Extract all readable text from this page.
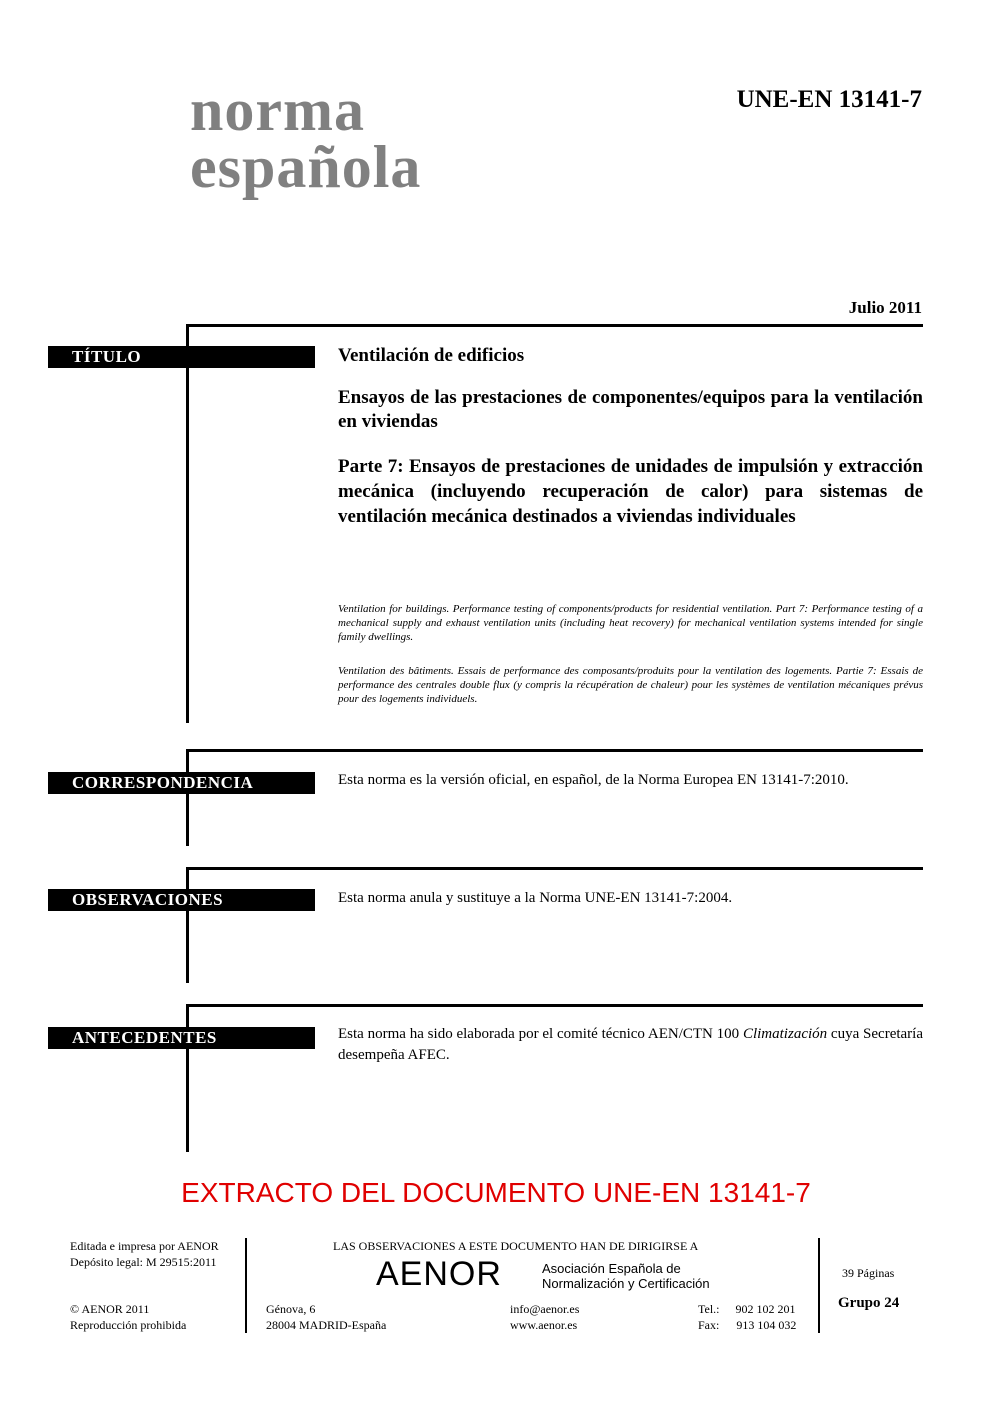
norma
española
UNE-EN 13141-7
Julio 2011
TÍTULO	Ventilación de edificios
Ensayos de las prestaciones de componentes/equipos para la ventilación en viviendas
Parte 7: Ensayos de prestaciones de unidades de impulsión y extracción mecánica (incluyendo recuperación de calor) para sistemas de ventilación mecánica destinados a viviendas individuales
Ventilation for buildings. Performance testing of components/products for residential ventilation. Part 7: Performance testing of a mechanical supply and exhaust ventilation units (including heat recovery) for mechanical ventilation systems intended for single family dwellings.
Ventilation des bâtiments. Essais de performance des composants/produits pour la ventilation des logements. Partie 7: Essais de performance des centrales double flux (y compris la récupération de chaleur) pour les systèmes de ventilation mécaniques prévus pour des logements individuels.
CORRESPONDENCIA	Esta norma es la versión oficial, en español, de la Norma Europea EN 13141-7:2010.
OBSERVACIONES	Esta norma anula y sustituye a la Norma UNE-EN 13141-7:2004.
ANTECEDENTES	Esta norma ha sido elaborada por el comité técnico AEN/CTN 100 Climatización cuya Secretaría desempeña AFEC.
EXTRACTO DEL DOCUMENTO UNE-EN 13141-7
Editada e impresa por AENOR
Depósito legal: M 29515:2011
© AENOR 2011
Reproducción prohibida
LAS OBSERVACIONES A ESTE DOCUMENTO HAN DE DIRIGIRSE A
AENOR	Asociación Española de
Normalización y Certificación
Génova, 6
28004 MADRID-España
info@aenor.es
www.aenor.es
Tel.: 902 102 201
Fax: 913 104 032
39 Páginas
Grupo 24
